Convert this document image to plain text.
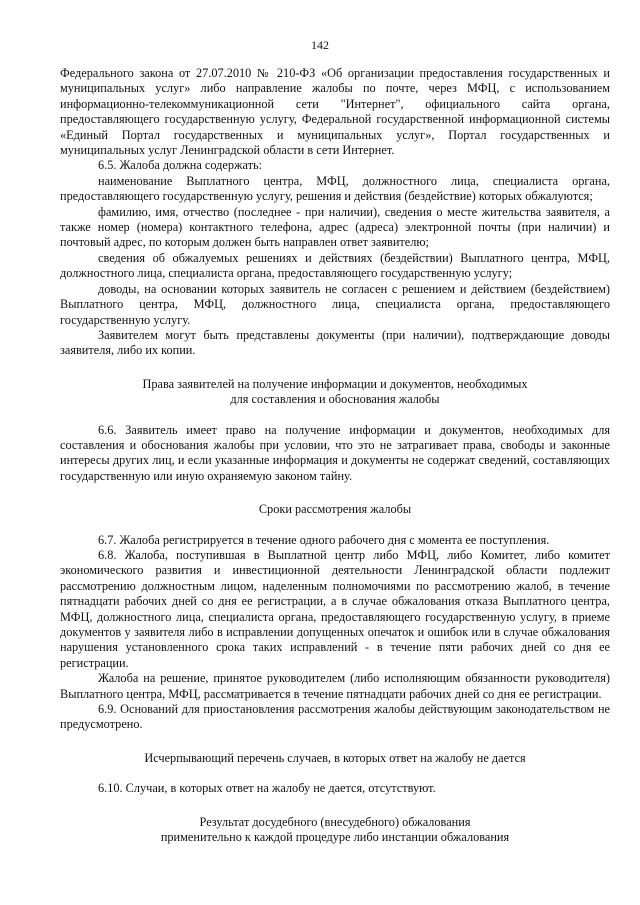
142

Федерального закона от 27.07.2010 № 210-ФЗ «Об организации предоставления государственных и муниципальных услуг» либо направление жалобы по почте, через МФЦ, с использованием информационно-телекоммуникационной сети "Интернет", официального сайта органа, предоставляющего государственную услугу, Федеральной государственной информационной системы «Единый Портал государственных и муниципальных услуг», Портал государственных и муниципальных услуг Ленинградской области в сети Интернет.

6.5. Жалоба должна содержать:

наименование Выплатного центра, МФЦ, должностного лица, специалиста органа, предоставляющего государственную услугу, решения и действия (бездействие) которых обжалуются;

фамилию, имя, отчество (последнее - при наличии), сведения о месте жительства заявителя, а также номер (номера) контактного телефона, адрес (адреса) электронной почты (при наличии) и почтовый адрес, по которым должен быть направлен ответ заявителю;

сведения об обжалуемых решениях и действиях (бездействии) Выплатного центра, МФЦ, должностного лица, специалиста органа, предоставляющего государственную услугу;

доводы, на основании которых заявитель не согласен с решением и действием (бездействием) Выплатного центра, МФЦ, должностного лица, специалиста органа, предоставляющего государственную услугу.

Заявителем могут быть представлены документы (при наличии), подтверждающие доводы заявителя, либо их копии.

Права заявителей на получение информации и документов, необходимых
для составления и обоснования жалобы

6.6. Заявитель имеет право на получение информации и документов, необходимых для составления и обоснования жалобы при условии, что это не затрагивает права, свободы и законные интересы других лиц, и если указанные информация и документы не содержат сведений, составляющих государственную или иную охраняемую законом тайну.

Сроки рассмотрения жалобы

6.7. Жалоба регистрируется в течение одного рабочего дня с момента ее поступления.

6.8. Жалоба, поступившая в Выплатной центр либо МФЦ, либо Комитет, либо комитет экономического развития и инвестиционной деятельности Ленинградской области подлежит рассмотрению должностным лицом, наделенным полномочиями по рассмотрению жалоб, в течение пятнадцати рабочих дней со дня ее регистрации, а в случае обжалования отказа Выплатного центра, МФЦ, должностного лица, специалиста органа, предоставляющего государственную услугу, в приеме документов у заявителя либо в исправлении допущенных опечаток и ошибок или в случае обжалования нарушения установленного срока таких исправлений - в течение пяти рабочих дней со дня ее регистрации.

Жалоба на решение, принятое руководителем (либо исполняющим обязанности руководителя) Выплатного центра, МФЦ, рассматривается в течение пятнадцати рабочих дней со дня ее регистрации.

6.9. Оснований для приостановления рассмотрения жалобы действующим законодательством не предусмотрено.

Исчерпывающий перечень случаев, в которых ответ на жалобу не дается

6.10. Случаи, в которых ответ на жалобу не дается, отсутствуют.

Результат досудебного (внесудебного) обжалования
применительно к каждой процедуре либо инстанции обжалования
